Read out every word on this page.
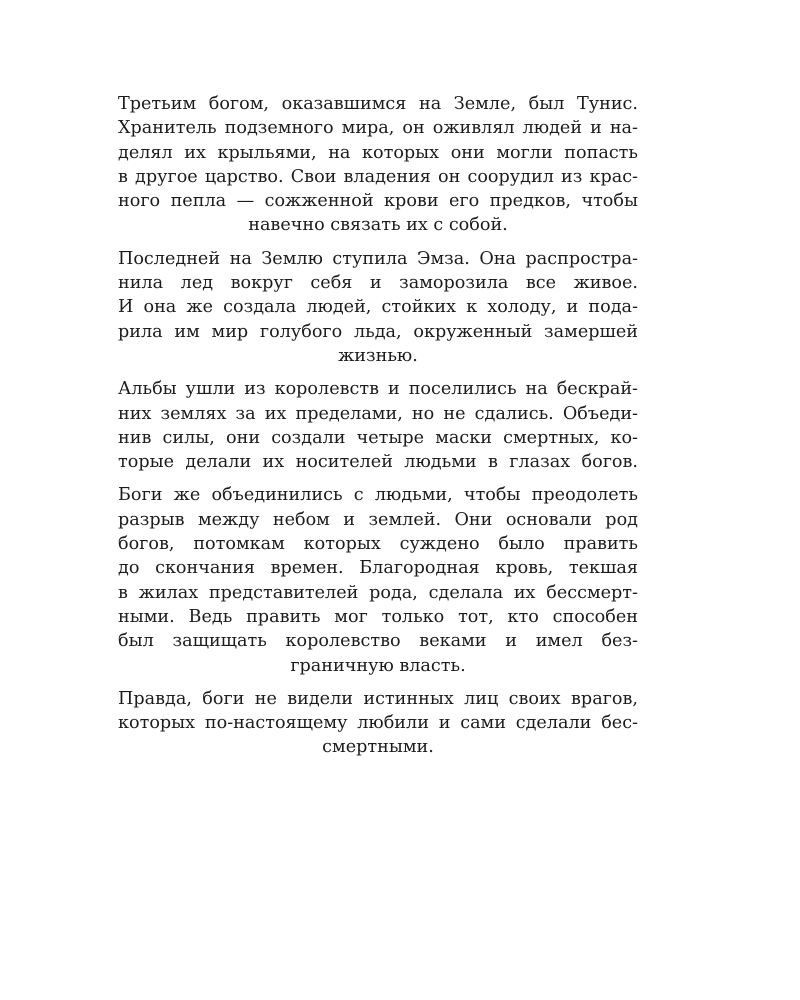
Третьим богом, оказавшимся на Земле, был Тунис.
Хранитель подземного мира, он оживлял людей и на-
делял их крыльями, на которых они могли попасть
в другое царство. Свои владения он соорудил из крас-
ного пепла — сожженной крови его предков, чтобы
навечно связать их с собой.
Последней на Землю ступила Эмза. Она распростра-
нила лед вокруг себя и заморозила все живое.
И она же создала людей, стойких к холоду, и пода-
рила им мир голубого льда, окруженный замершей
жизнью.
Альбы ушли из королевств и поселились на бескрай-
них землях за их пределами, но не сдались. Объеди-
нив силы, они создали четыре маски смертных, ко-
торые делали их носителей людьми в глазах богов.
Боги же объединились с людьми, чтобы преодолеть
разрыв между небом и землей. Они основали род
богов, потомкам которых суждено было править
до скончания времен. Благородная кровь, текшая
в жилах представителей рода, сделала их бессмерт-
ными. Ведь править мог только тот, кто способен
был защищать королевство веками и имел без-
граничную власть.
Правда, боги не видели истинных лиц своих врагов,
которых по-настоящему любили и сами сделали бес-
смертными.
